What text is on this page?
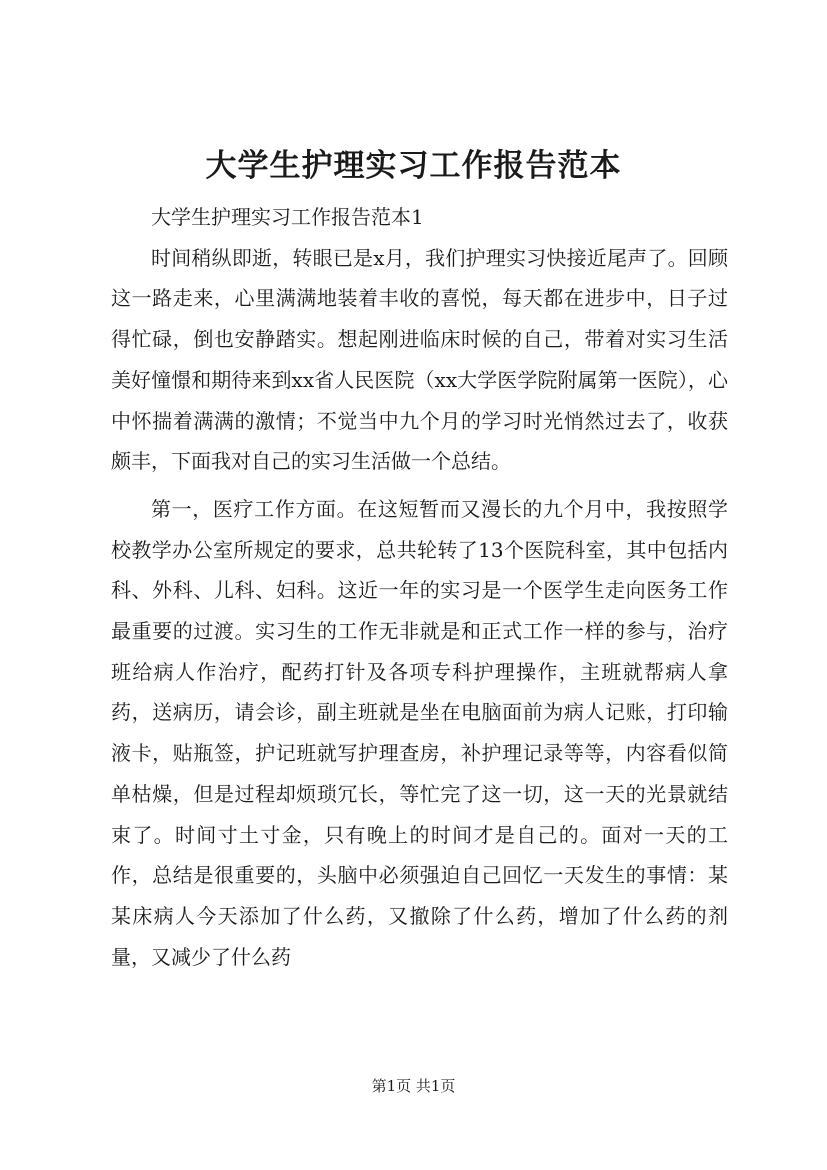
大学生护理实习工作报告范本

大学生护理实习工作报告范本1

时间稍纵即逝，转眼已是x月，我们护理实习快接近尾声了。回顾这一路走来，心里满满地装着丰收的喜悦，每天都在进步中，日子过得忙碌，倒也安静踏实。想起刚进临床时候的自己，带着对实习生活美好憧憬和期待来到xx省人民医院（xx大学医学院附属第一医院），心中怀揣着满满的激情；不觉当中九个月的学习时光悄然过去了，收获颇丰，下面我对自己的实习生活做一个总结。

第一，医疗工作方面。在这短暂而又漫长的九个月中，我按照学校教学办公室所规定的要求，总共轮转了13个医院科室，其中包括内科、外科、儿科、妇科。这近一年的实习是一个医学生走向医务工作最重要的过渡。实习生的工作无非就是和正式工作一样的参与，治疗班给病人作治疗，配药打针及各项专科护理操作，主班就帮病人拿药，送病历，请会诊，副主班就是坐在电脑面前为病人记账，打印输液卡，贴瓶签，护记班就写护理查房，补护理记录等等，内容看似简单枯燥，但是过程却烦琐冗长，等忙完了这一切，这一天的光景就结束了。时间寸土寸金，只有晚上的时间才是自己的。面对一天的工作，总结是很重要的，头脑中必须强迫自己回忆一天发生的事情：某某床病人今天添加了什么药，又撤除了什么药，增加了什么药的剂量，又减少了什么药

第1页 共1页
